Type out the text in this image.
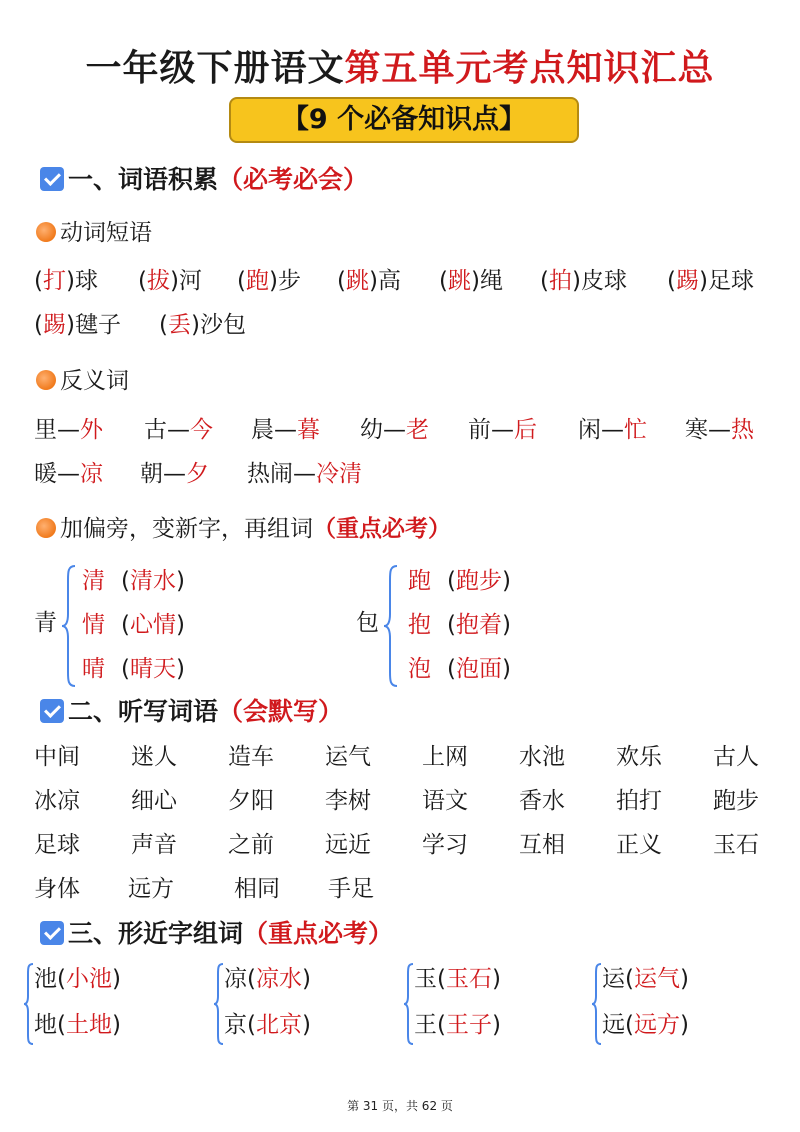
一年级下册语文第五单元考点知识汇总
【9 个必备知识点】
一、词语积累（必考必会）
动词短语
(打)球 (拔)河 (跑)步 (跳)高 (跳)绳 (拍)皮球 (踢)足球
(踢)毽子 (丢)沙包
反义词
里—外 古—今 晨—暮 幼—老 前—后 闲—忙 寒—热
暖—凉 朝—夕 热闹—冷清
加偏旁，变新字，再组词（重点必考）
青
清 (清水)
情 (心情)
晴 (晴天)
包
跑 (跑步)
抱 (抱着)
泡 (泡面)
二、听写词语（会默写）
中间 迷人 造车 运气 上网 水池 欢乐 古人
冰凉 细心 夕阳 李树 语文 香水 拍打 跑步
足球 声音 之前 远近 学习 互相 正义 玉石
身体 远方	相同 手足
三、形近字组词（重点必考）
池(小池)
地(土地)
凉(凉水)
京(北京)
玉(玉石)
王(王子)
运(运气)
远(远方)
第 31 页，共 62 页
